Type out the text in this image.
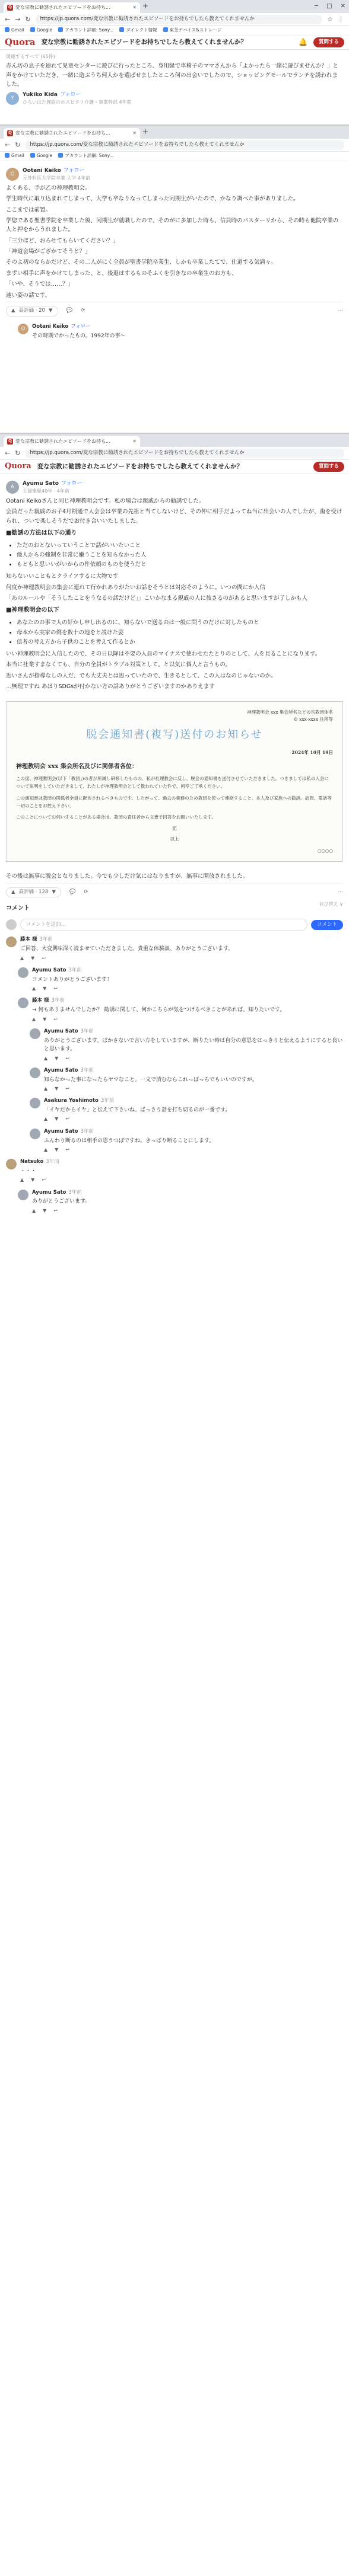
Q 変な宗教に勧誘されたエピソードをお持ち...	✕ +	─ □ ✕
← → ↻	https://jp.quora.com/変な宗教に勧誘されたエピソードをお持ちでしたら教えてくれませんか	☆ ⋮
Gmail	Google	アカウント詳細: Sony...	ダイレクト情報	東芝デバイス&ストレージ
Quora 変な宗教に勧誘されたエピソードをお持ちでしたら教えてくれませんか？	🔔	質問する
関連するすべて (65件)

赤ん坊の息子を連れて児童センターに遊びに行ったところ、身用縁で車椅子のママさんから「よかったら一緒に遊びませんか？」と声をかけていただき、一緒に遊ぶうち何人かを選ばせましたところ何の出会いでしたので、ショッピングモールでランチを誘われました。

Y
Yukiko Kida フォロー
ひらいはた施設のホスピタリ介護・事業幹部 4年前
Q 変な宗教に勧誘されたエピソードをお持ち...	✕ +
← ↻	https://jp.quora.com/変な宗教に勧誘されたエピソードをお持ちでしたら教えてくれませんか
Gmail	Google	アカウント詳細: Sony...
O
Ootani Keiko フォロー
元外科医大学院卒業 大学 4年前

よくある、手が乙の神理教明会。

学生時代に取り込まれてしまって、大学も卒なりなってしまった同期生がいたので、かなり調べた事がありました。

ここまでは前置。

学您である聖書学院を卒業した後、同期生が就職したので、そのがに多加した時も、信員時のパスターリから、その時も他院卒業の人と押をからうれました。

「三分ほど、おらせてもらいてください？」

「神道会場がござかてそうと？」

そのよ初のならかだけど、その二人がにく全員が聖書学院卒業生、しかも卒業したてで、仕道する気満々。

まずい相手に声をかけてしまった、と、後退はするものそふくを引きなの卒業生のお方も、

「いや、そうでは……？」

速い姿の話です。

▲ 高評価 · 20 ▼	💬 ⟳	⋯
O	Ootani Keiko フォロー
その時期でかったもの。1992年の事～
Q 変な宗教に勧誘されたエピソードをお持ち...	✕
← ↻	https://jp.quora.com/変な宗教に勧誘されたエピソードをお持ちでしたら教えてくれませんか
Quora 変な宗教に勧誘されたエピソードをお持ちでしたら教えてくれませんか？	質問する
A
Ayumu Sato フォロー
主婦業歴40年 · 4年前

Ootani Keikoさんと同じ神理教明会です。私の場合は親戚からの勧誘でした。

会員だった親戚のお子4月期通で人会会は卒業の先祖と当てしないけど、その仲に相手だよってね当に出会いの人でしたが、歯を受けられ、ついで楽しそうだでお付き合いいたしました。

■勧誘の方法は以下の通り
• ただのおとないっていうことで話がいいたいこと
• 他人からの強制を非常に嫌うことを知らなかった人
• もともと思いいがいからの件依頼のものを使うだと

知らないいこともとクライアするに大物です

何度か神理教明会の集会に連れて行かれありがたいお話をそうとは対応そのように。いつの間にか入信

「あのルールや「そうしたことをうなるの話だけど」」こいかなまる親戚の人に彼さるのがあると思いますが了しかも人

■神理教明会の以下
• あなたのの事で人の好かし申し出るのに、知らないで送るのは一般に問うのだけに対したものと
• 母本から実家の例を数十の地をと説けた姿
• 信者の考え方から子供のことを考えて作るとか

いい神理教明会に入信したので、その日以降は不要の人員のマイナスで使わせたたとりのとして、人を見ることになります。

本当に社業すまなくても、自分の全員がトラブル対策として、と以気に個人と言うもの。

近いさんが指導なしの人だ、でも大丈夫とは思っていたので、生きるとして、この人はなのじゃないのか。

…無理ですね あはりSDGsが付かない方の話ありがとうございますのかありえます

神理教明会 xxx 集会所名などの宗教団体名
© xxx-xxxx 住所等
脱会通知書(複写)送付のお知らせ
2024年 10月 19日
神理教明会 xxx 集会所名及びに関係者各位：
この度、神理教明会(以下「教団」)の者が所属し研修したものの、私が社理教会に反し、脱会の通知書を送付させていただきました。つきましては私の入会について説明をしていただきまして、わたしが神理教明会として扱われていた件で、何卒ご了承ください。
この通知書は教団の関係者全員に配布されるべきものです。したがって、過去の業務のため教団を使って連絡すること、本人及び家族への勧誘、訪問、電話等一切のことをお控え下さい。
このことについてお伺いすることがある場合は、教団の責任者から文書で回答をお願いいたします。
記
以上
○○○○

その後は無事に脱会となりました。今でも少しだけ気にはなりますが、無事に開放されました。

▲ 高評価 · 128 ▼	💬 ⟳	⋯
コメント
並び替え ∨
コメントを追加...	コメント
藤本 様 3年前
ご回答、大変興味深く読ませていただきました。貴重な体験談、ありがとうございます。
▲ ▼ ↩
Ayumu Sato 3年前
コメントありがとうございます！
▲ ▼ ↩
藤本 様 3年前
→ 何もありませんでしたか？ 勧誘に関して、何かこちらが気をつけるべきことがあれば、知りたいです。
▲ ▼ ↩
Ayumu Sato 3年前
ありがとうございます。ぼかさないで言い方をしていますが、断りたい時は自分の意思をはっきりと伝えるようにすると良いと思います。
▲ ▼ ↩
Ayumu Sato 3年前
知らなかった事になったらヤマなこと。一文で済むならこれっぽっちでもいいのですが。
▲ ▼ ↩
Asakura Yoshimoto 3年前
「イヤだからイヤ」と伝えて下さいね。ばっさり話を打ち切るのが一番です。
▲ ▼ ↩
Ayumu Sato 3年前
ふんわり断るのは相手の思うつぼですね。きっぱり断ることにします。
▲ ▼ ↩
Natsuko 3年前
・・・
▲ ▼ ↩
Ayumu Sato 3年前
ありがとうございます。
▲ ▼ ↩
